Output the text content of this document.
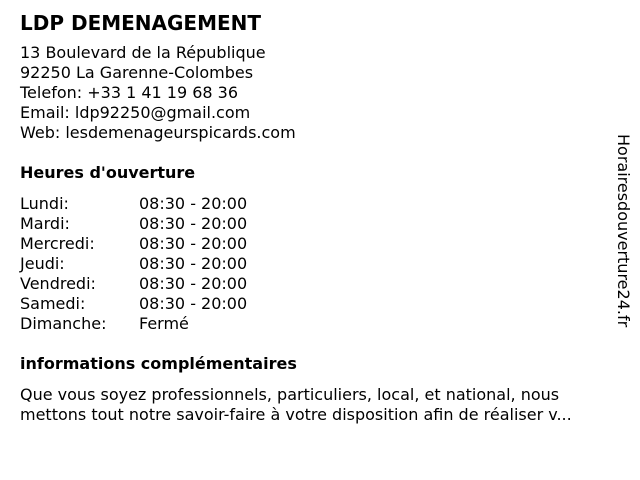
LDP DEMENAGEMENT
13 Boulevard de la République
92250 La Garenne-Colombes
Telefon: +33 1 41 19 68 36
Email: ldp92250@gmail.com
Web: lesdemenageurspicards.com
Heures d'ouverture
Lundi:	08:30 - 20:00
Mardi:	08:30 - 20:00
Mercredi:	08:30 - 20:00
Jeudi:	08:30 - 20:00
Vendredi:	08:30 - 20:00
Samedi:	08:30 - 20:00
Dimanche: Fermé
informations complémentaires
Que vous soyez professionnels, particuliers, local, et national, nous
mettons tout notre savoir-faire à votre disposition afin de réaliser v...
Horairesdouverture24.fr
